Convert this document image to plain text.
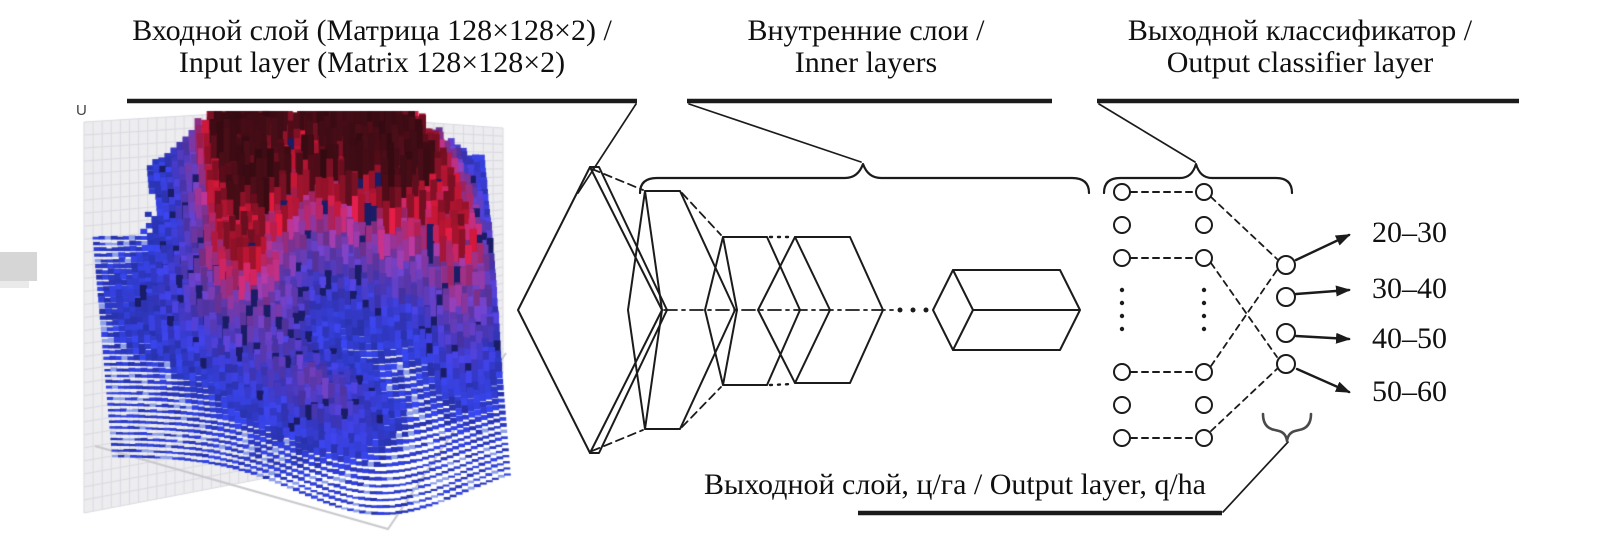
U
Входной слой (Матрица 128×128×2) /
Input layer (Matrix 128×128×2)
Внутренние слои /
Inner layers
Выходной классификатор /
Output classifier layer
Выходной слой, ц/га / Output layer, q/ha
20–30
30–40
40–50
50–60
